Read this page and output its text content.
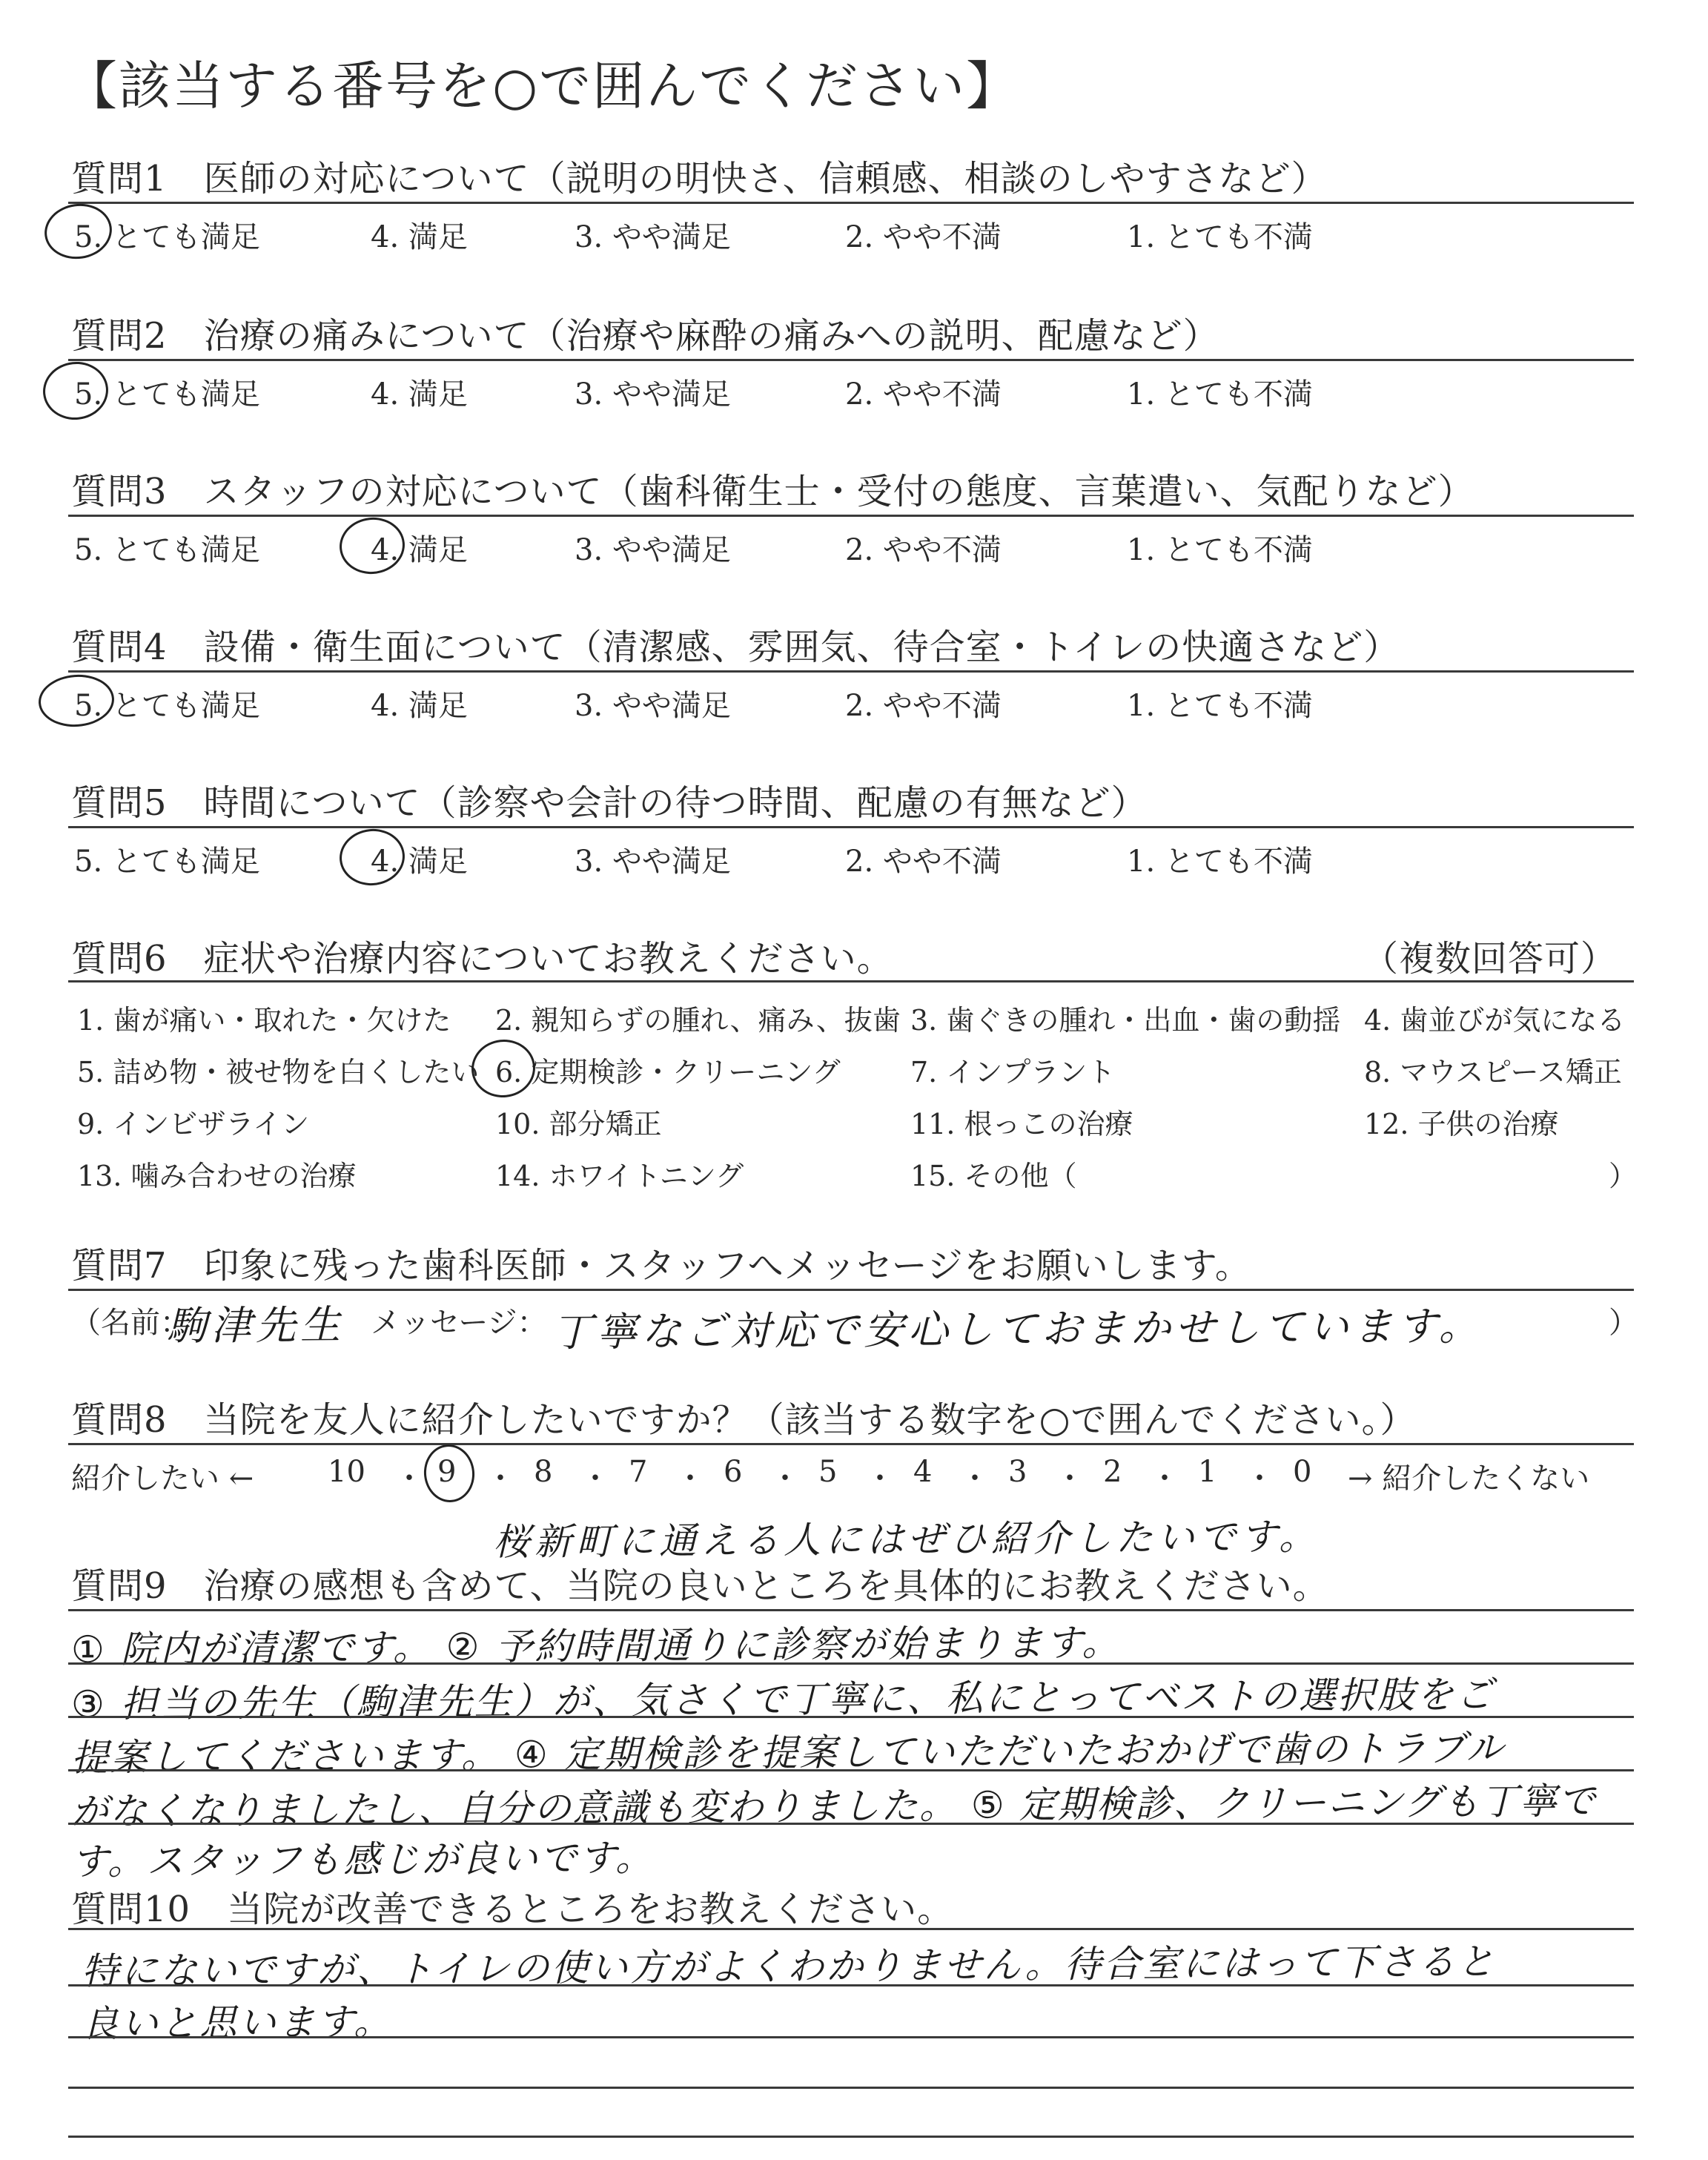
【該当する番号を○で囲んでください】
質問1　 医師の対応について（説明の明快さ、信頼感、相談のしやすさなど）
5. とても満足	4. 満足	3. やや満足	2. やや不満	1. とても不満
質問2　 治療の痛みについて（治療や麻酔の痛みへの説明、配慮など）
5. とても満足	4. 満足	3. やや満足	2. やや不満	1. とても不満
質問3　 スタッフの対応について（歯科衛生士・受付の態度、言葉遣い、気配りなど）
5. とても満足	4. 満足	3. やや満足	2. やや不満	1. とても不満
質問4　 設備・衛生面について（清潔感、雰囲気、待合室・トイレの快適さなど）
5. とても満足	4. 満足	3. やや満足	2. やや不満	1. とても不満
質問5　 時間について（診察や会計の待つ時間、配慮の有無など）
5. とても満足	4. 満足	3. やや満足	2. やや不満	1. とても不満
質問6　 症状や治療内容についてお教えください。	（複数回答可）
1. 歯が痛い・取れた・欠けた 2. 親知らずの腫れ、痛み、抜歯 3. 歯ぐきの腫れ・出血・歯の動揺 4. 歯並びが気になる
5. 詰め物・被せ物を白くしたい 6. 定期検診・クリーニング 7. インプラント	8. マウスピース矯正
9. インビザライン	10. 部分矯正	11. 根っこの治療	12. 子供の治療
13. 噛み合わせの治療	14. ホワイトニング	15. その他（	）
質問7　 印象に残った歯科医師・スタッフへメッセージをお願いします。
（名前：
駒津先生 メッセージ： 丁寧なご対応で安心しておまかせしています。	）
質問8　 当院を友人に紹介したいですか？（該当する数字を○で囲んでください。）
紹介したい ←	→ 紹介したくない
10 ・ 9 ・ 8 ・ 7 ・ 6 ・ 5 ・ 4 ・ 3 ・ 2 ・ 1 ・ 0
桜新町に通える人にはぜひ紹介したいです。
質問9　 治療の感想も含めて、当院の良いところを具体的にお教えください。
① 院内が清潔です。 ② 予約時間通りに診察が始まります。
③ 担当の先生（駒津先生）が、気さくで丁寧に、私にとってベストの選択肢をご
提案してくださいます。 ④ 定期検診を提案していただいたおかげで歯のトラブル
がなくなりましたし、自分の意識も変わりました。 ⑤ 定期検診、クリーニングも丁寧で
す。スタッフも感じが良いです。
質問10　 当院が改善できるところをお教えください。
特にないですが、トイレの使い方がよくわかりません。待合室にはって下さると
良いと思います。
